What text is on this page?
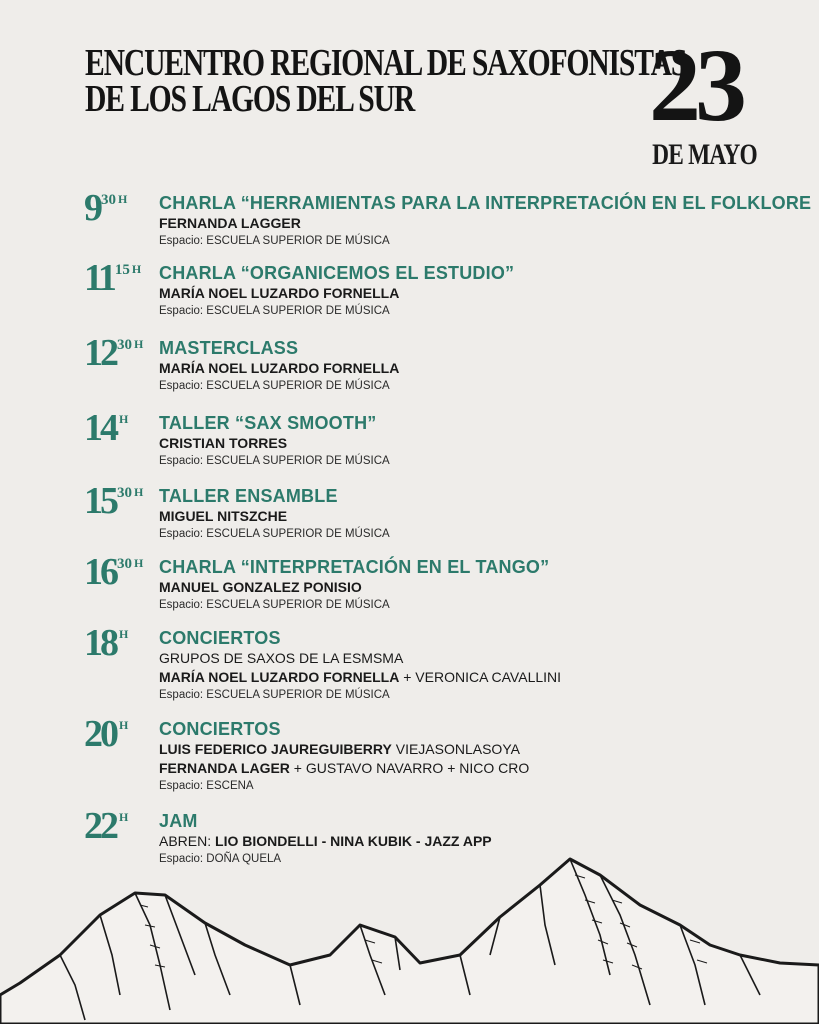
ENCUENTRO REGIONAL DE SAXOFONISTAS
DE LOS LAGOS DEL SUR	23
DE MAYO
930 $^H$	CHARLA “HERRAMIENTAS PARA LA INTERPRETACIÓN EN EL FOLKLORE
FERNANDA LAGGER
Espacio: ESCUELA SUPERIOR DE MÚSICA
1115 $^H$ CHARLA “ORGANICEMOS EL ESTUDIO”
MARÍA NOEL LUZARDO FORNELLA
Espacio: ESCUELA SUPERIOR DE MÚSICA
1230 $^H$ MASTERCLASS
MARÍA NOEL LUZARDO FORNELLA
Espacio: ESCUELA SUPERIOR DE MÚSICA
14 $^H$	TALLER “SAX SMOOTH”
CRISTIAN TORRES
Espacio: ESCUELA SUPERIOR DE MÚSICA
1530 $^H$ TALLER ENSAMBLE
MIGUEL NITSZCHE
Espacio: ESCUELA SUPERIOR DE MÚSICA
1630 $^H$ CHARLA “INTERPRETACIÓN EN EL TANGO”
MANUEL GONZALEZ PONISIO
Espacio: ESCUELA SUPERIOR DE MÚSICA
18 $^H$	CONCIERTOS
GRUPOS DE SAXOS DE LA ESMSMA
MARÍA NOEL LUZARDO FORNELLA + VERONICA CAVALLINI
Espacio: ESCUELA SUPERIOR DE MÚSICA
20 $^H$	CONCIERTOS
LUIS FEDERICO JAUREGUIBERRY VIEJASONLASOYA
FERNANDA LAGER + GUSTAVO NAVARRO + NICO CRO
Espacio: ESCENA
22 $^H$	JAM
ABREN: LIO BIONDELLI - NINA KUBIK - JAZZ APP
Espacio: DOÑA QUELA
